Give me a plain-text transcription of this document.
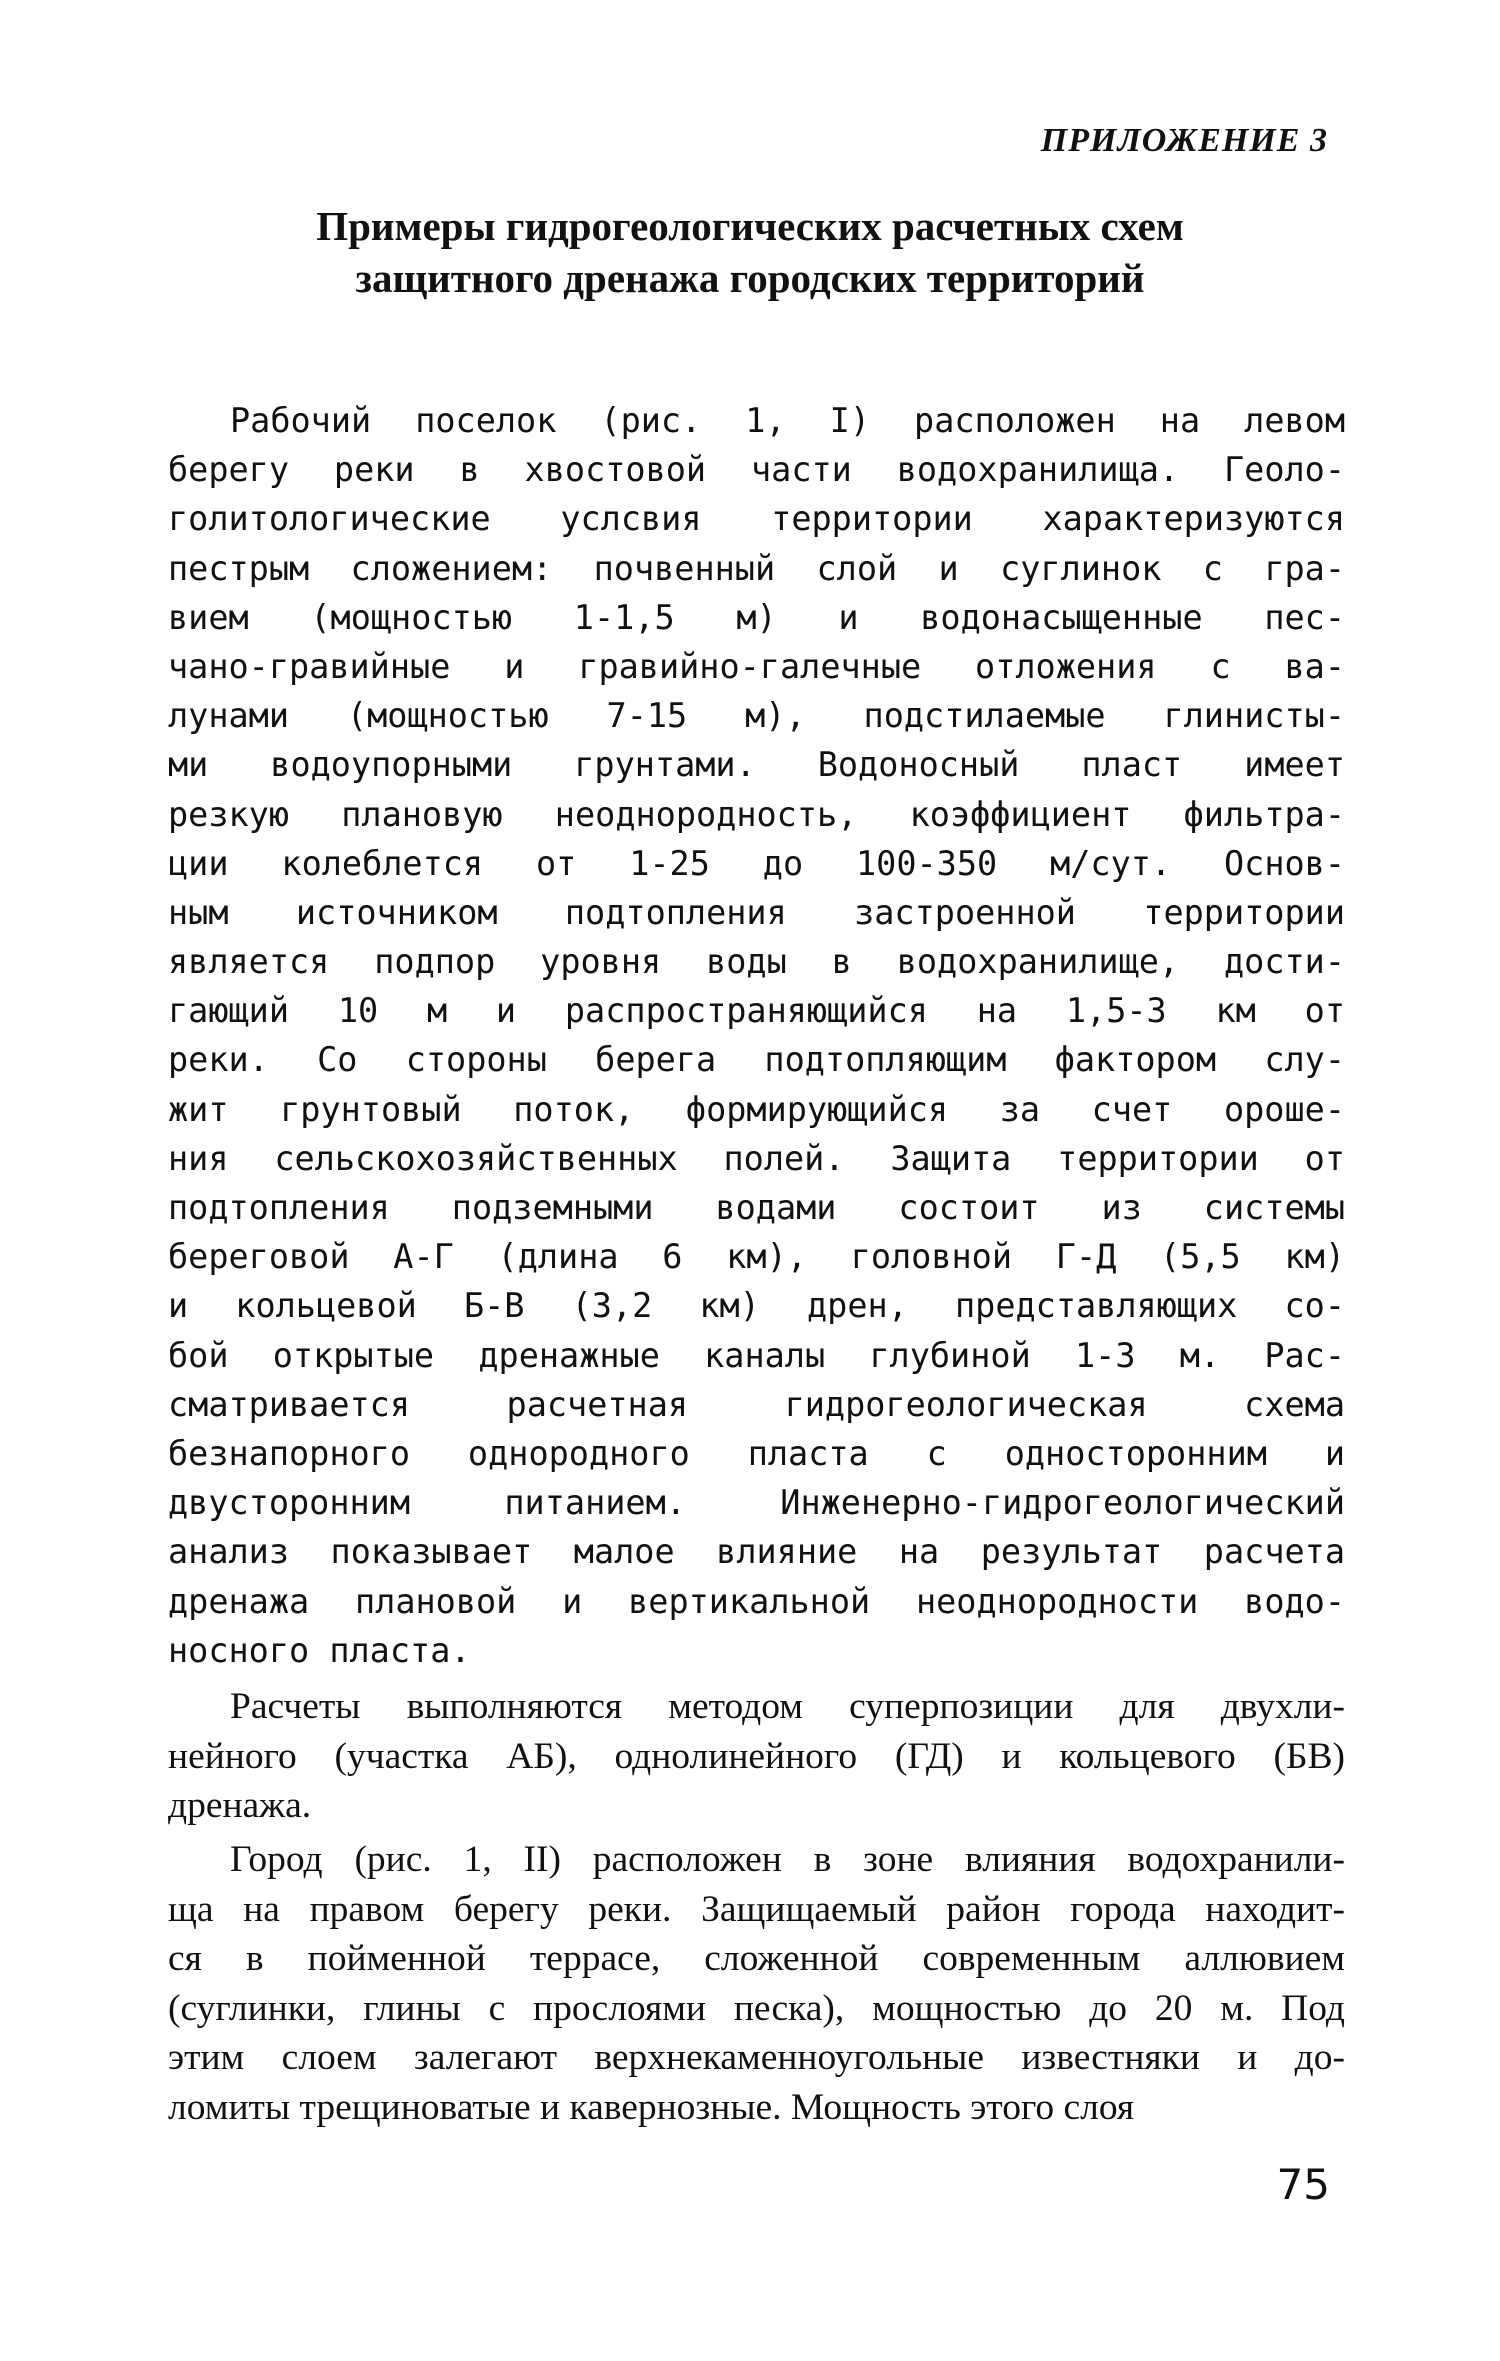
ПРИЛОЖЕНИЕ 3
Примеры гидрогеологических расчетных схем
защитного дренажа городских территорий
Рабочий поселок (рис. 1, I) расположен на левом
берегу реки в хвостовой части водохранилища. Геоло-
голитологические услсвия территории характеризуются
пестрым сложением: почвенный слой и суглинок с гра-
вием (мощностью 1-1,5 м) и водонасыщенные пес-
чано-гравийные и гравийно-галечные отложения с ва-
лунами (мощностью 7-15 м), подстилаемые глинисты-
ми водоупорными грунтами. Водоносный пласт имеет
резкую плановую неоднородность, коэффициент фильтра-
ции колеблется от 1-25 до 100-350 м/сут. Основ-
ным источником подтопления застроенной территории
является подпор уровня воды в водохранилище, дости-
гающий 10 м и распространяющийся на 1,5-3 км от
реки. Со стороны берега подтопляющим фактором слу-
жит грунтовый поток, формирующийся за счет ороше-
ния сельскохозяйственных полей. Защита территории от
подтопления подземными водами состоит из системы
береговой А-Г (длина 6 км), головной Г-Д (5,5 км)
и кольцевой Б-В (3,2 км) дрен, представляющих со-
бой открытые дренажные каналы глубиной 1-3 м. Рас-
сматривается расчетная гидрогеологическая схема
безнапорного однородного пласта с односторонним и
двусторонним питанием. Инженерно-гидрогеологический
анализ показывает малое влияние на результат расчета
дренажа плановой и вертикальной неоднородности водо-
носного пласта.
Расчеты выполняются методом суперпозиции для двухли-
нейного (участка АБ), однолинейного (ГД) и кольцевого (БВ)
дренажа.
Город (рис. 1, II) расположен в зоне влияния водохранили-
ща на правом берегу реки. Защищаемый район города находит-
ся в пойменной террасе, сложенной современным аллювием
(суглинки, глины с прослоями песка), мощностью до 20 м. Под
этим слоем залегают верхнекаменноугольные известняки и до-
ломиты трещиноватые и кавернозные. Мощность этого слоя
75
